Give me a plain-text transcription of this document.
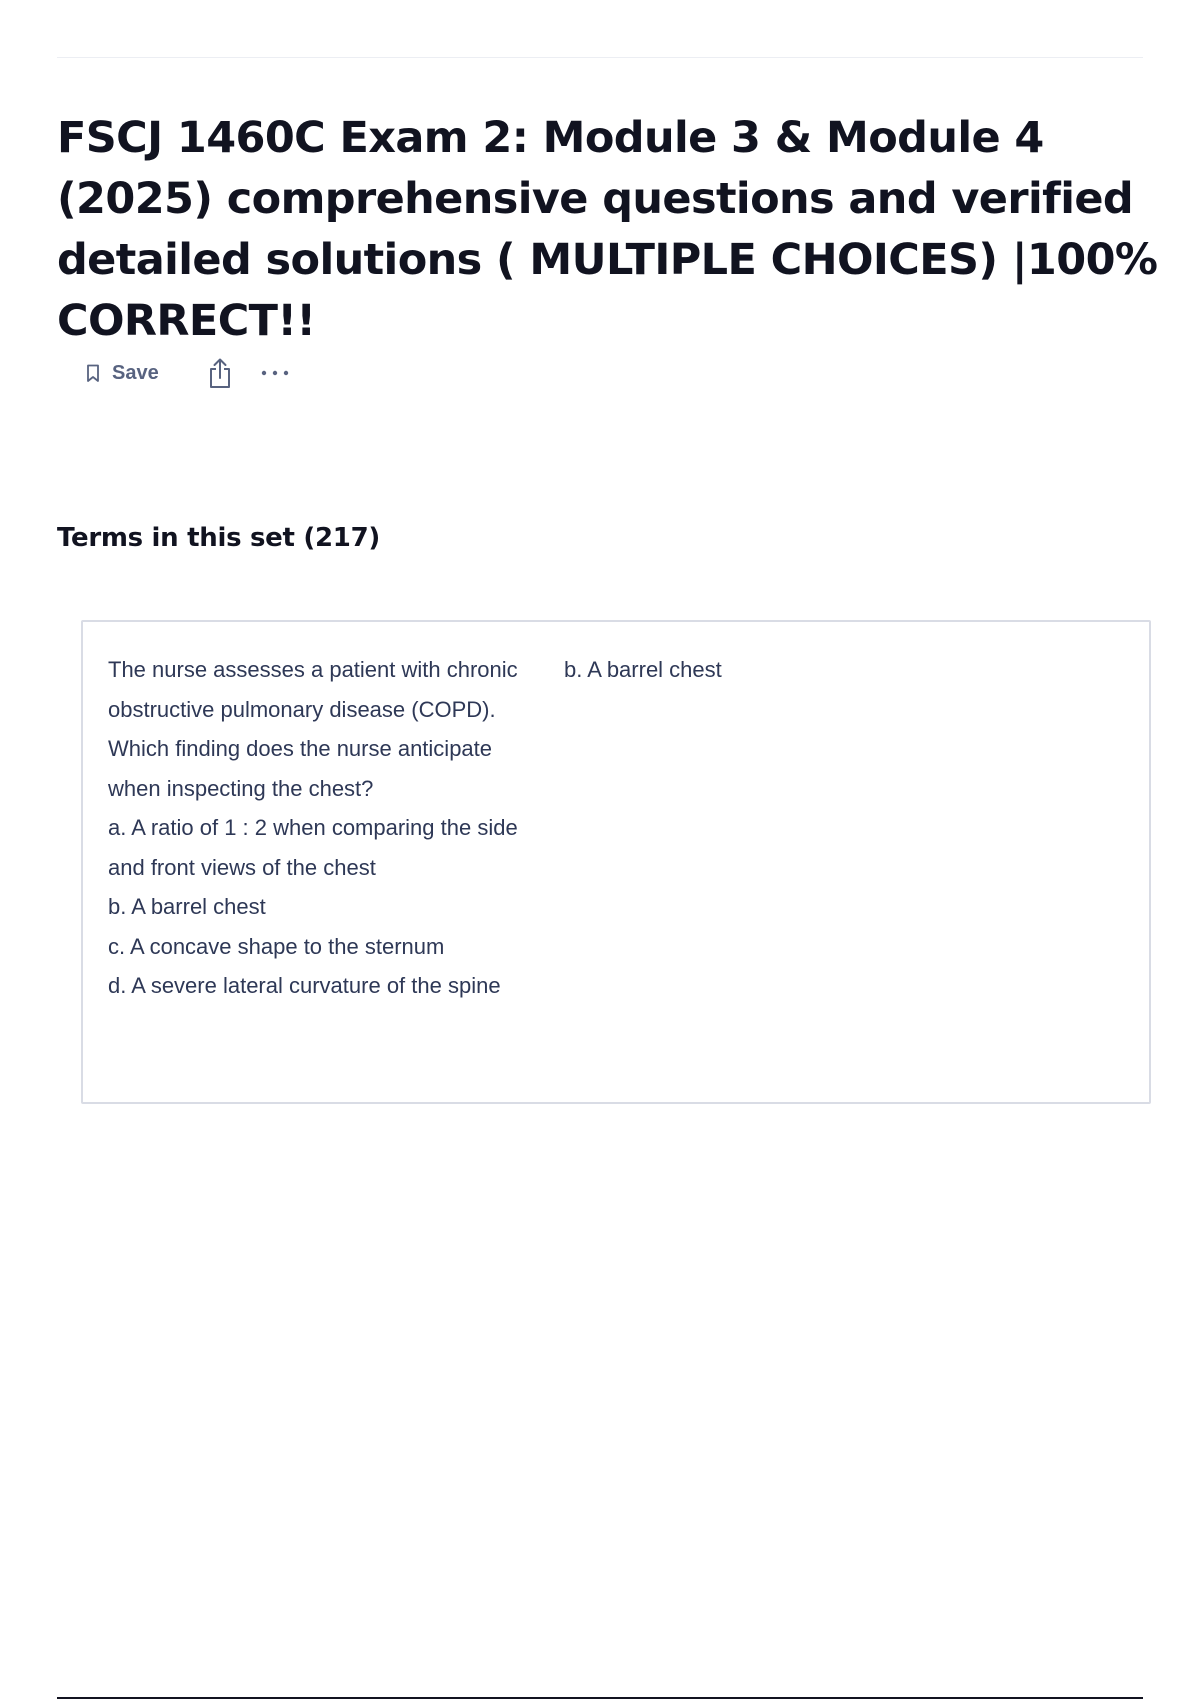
FSCJ 1460C Exam 2: Module 3 & Module 4 (2025) comprehensive questions and verified detailed solutions ( MULTIPLE CHOICES) |100% CORRECT!!
Save
Terms in this set (217)

The nurse assesses a patient with chronic obstructive pulmonary disease (COPD). Which finding does the nurse anticipate when inspecting the chest?

a. A ratio of 1 : 2 when comparing the side and front views of the chest

b. A barrel chest

c. A concave shape to the sternum

d. A severe lateral curvature of the spine

b. A barrel chest
